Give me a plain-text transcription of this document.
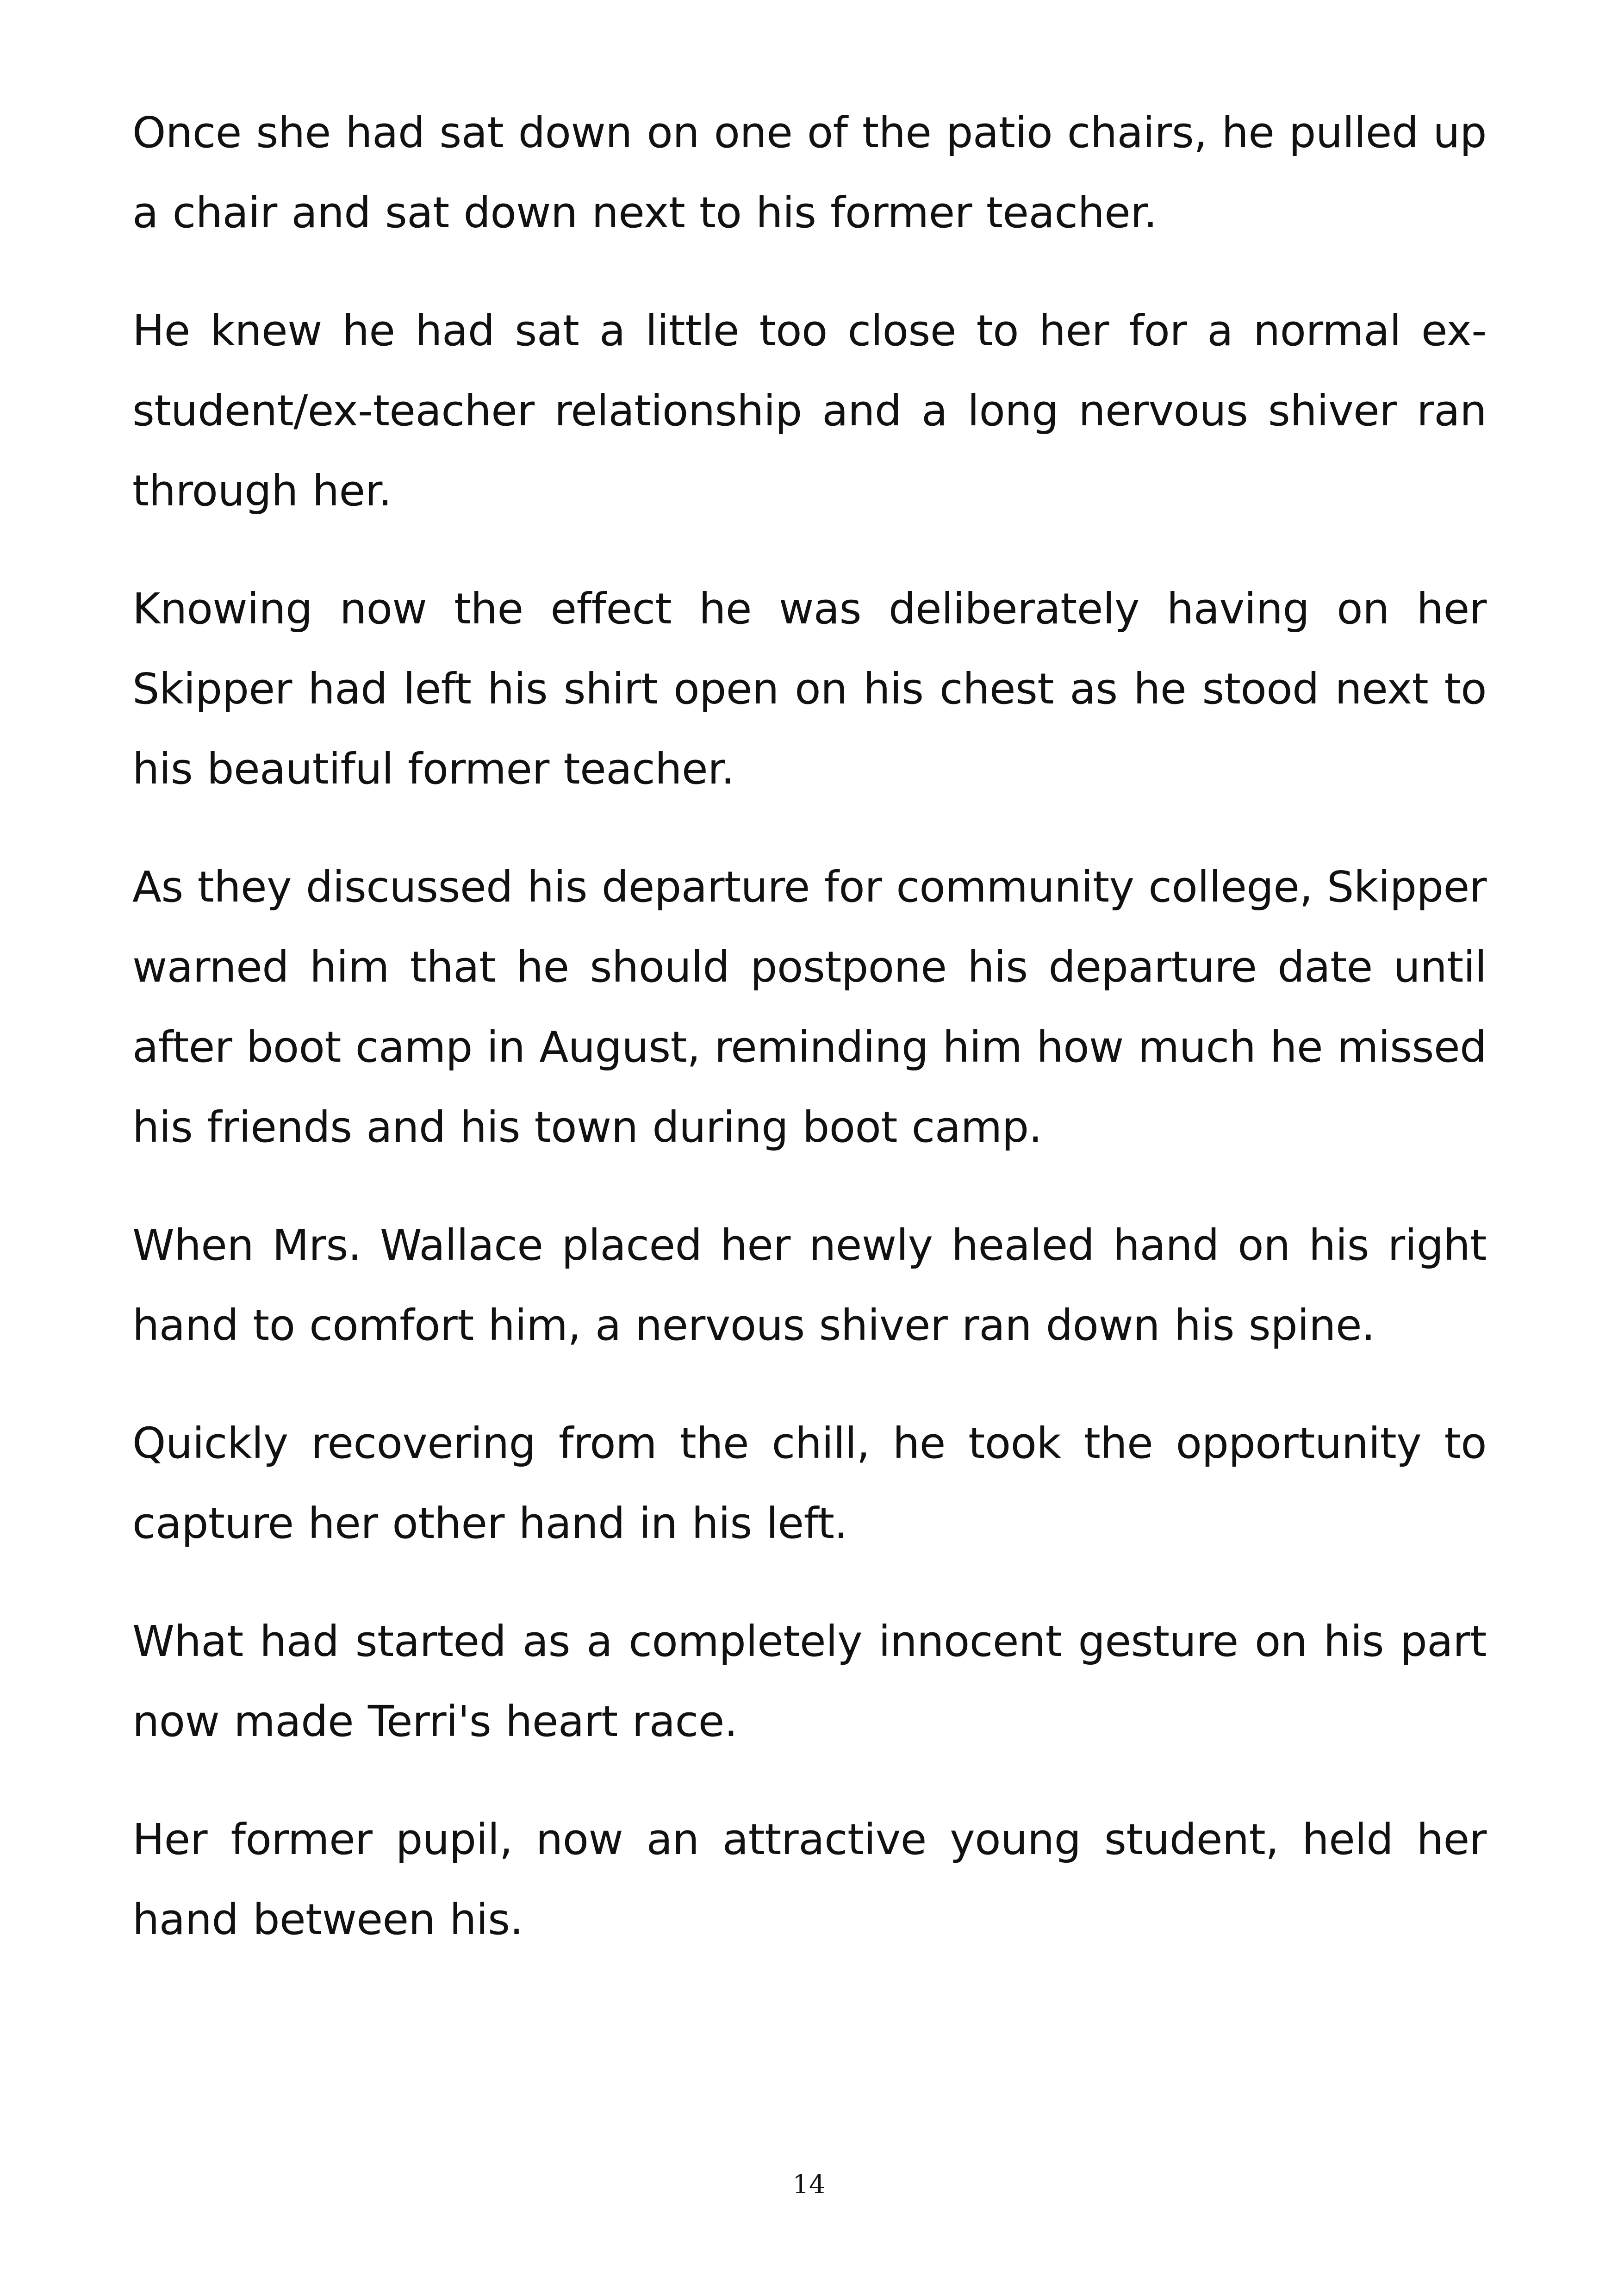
Once she had sat down on one of the patio chairs, he pulled up a chair and sat down next to his former teacher.

He knew he had sat a little too close to her for a normal ex-student/ex-teacher relationship and a long nervous shiver ran through her.

Knowing now the effect he was deliberately having on her Skipper had left his shirt open on his chest as he stood next to his beautiful former teacher.

As they discussed his departure for community college, Skipper warned him that he should postpone his departure date until after boot camp in August, reminding him how much he missed his friends and his town during boot camp.

When Mrs. Wallace placed her newly healed hand on his right hand to comfort him, a nervous shiver ran down his spine.

Quickly recovering from the chill, he took the opportunity to capture her other hand in his left.

What had started as a completely innocent gesture on his part now made Terri's heart race.

Her former pupil, now an attractive young student, held her hand between his.

14
